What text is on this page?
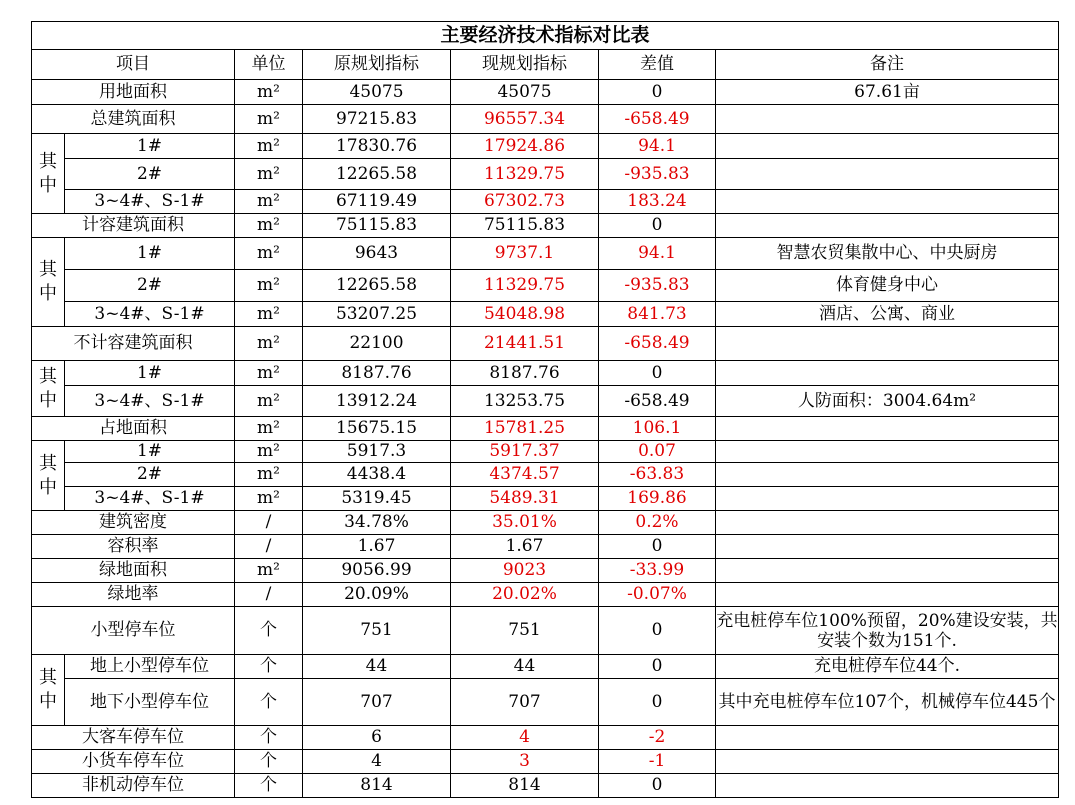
主要经济技术指标对比表						
项目		单位	原规划指标	现规划指标	差值	备注
用地面积		m²	45075	45075	0	67.61亩
总建筑面积		m²	97215.83	96557.34	-658.49	
其
中	1#	m²	17830.76	17924.86	94.1	
	2#	m²	12265.58	11329.75	-935.83	
	3~4#、S-1#	m²	67119.49	67302.73	183.24	
计容建筑面积		m²	75115.83	75115.83	0	
其
中	1#	m²	9643	9737.1	94.1	智慧农贸集散中心、中央厨房
	2#	m²	12265.58	11329.75	-935.83	体育健身中心
	3~4#、S-1#	m²	53207.25	54048.98	841.73	酒店、公寓、商业
不计容建筑面积		m²	22100	21441.51	-658.49	
其
中	1#	m²	8187.76	8187.76	0	
	3~4#、S-1#	m²	13912.24	13253.75	-658.49	人防面积：3004.64m²
占地面积		m²	15675.15	15781.25	106.1	
其
中	1#	m²	5917.3	5917.37	0.07	
	2#	m²	4438.4	4374.57	-63.83	
	3~4#、S-1#	m²	5319.45	5489.31	169.86	
建筑密度		/	34.78%	35.01%	0.2%	
容积率		/	1.67	1.67	0	
绿地面积		m²	9056.99	9023	-33.99	
绿地率		/	20.09%	20.02%	-0.07%	
小型停车位		个	751	751	0	充电桩停车位100%预留，20%建设安装，共安装个数为151个.
其
中	地上小型停车位	个	44	44	0	充电桩停车位44个.
	地下小型停车位	个	707	707	0	其中充电桩停车位107个，机械停车位445个
大客车停车位		个	6	4	-2	
小货车停车位		个	4	3	-1	
非机动停车位		个	814	814	0	
